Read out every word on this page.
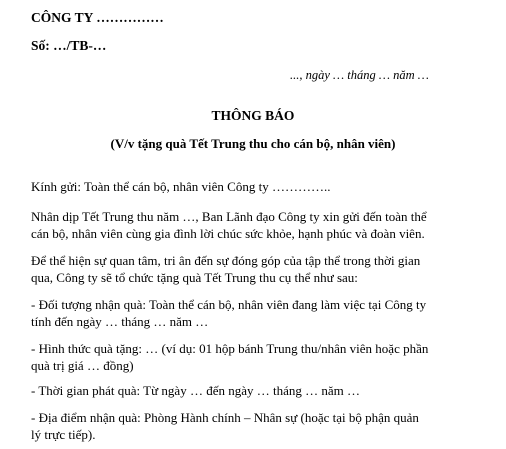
CÔNG TY ……………
Số: …/TB-…
..., ngày … tháng … năm …
THÔNG BÁO
(V/v tặng quà Tết Trung thu cho cán bộ, nhân viên)
Kính gửi: Toàn thể cán bộ, nhân viên Công ty …………..
Nhân dịp Tết Trung thu năm …, Ban Lãnh đạo Công ty xin gửi đến toàn thể
cán bộ, nhân viên cùng gia đình lời chúc sức khỏe, hạnh phúc và đoàn viên.
Để thể hiện sự quan tâm, tri ân đến sự đóng góp của tập thể trong thời gian
qua, Công ty sẽ tổ chức tặng quà Tết Trung thu cụ thể như sau:
- Đối tượng nhận quà: Toàn thể cán bộ, nhân viên đang làm việc tại Công ty
tính đến ngày … tháng … năm …
- Hình thức quà tặng: … (ví dụ: 01 hộp bánh Trung thu/nhân viên hoặc phần
quà trị giá … đồng)
- Thời gian phát quà: Từ ngày … đến ngày … tháng … năm …
- Địa điểm nhận quà: Phòng Hành chính – Nhân sự (hoặc tại bộ phận quản
lý trực tiếp).
